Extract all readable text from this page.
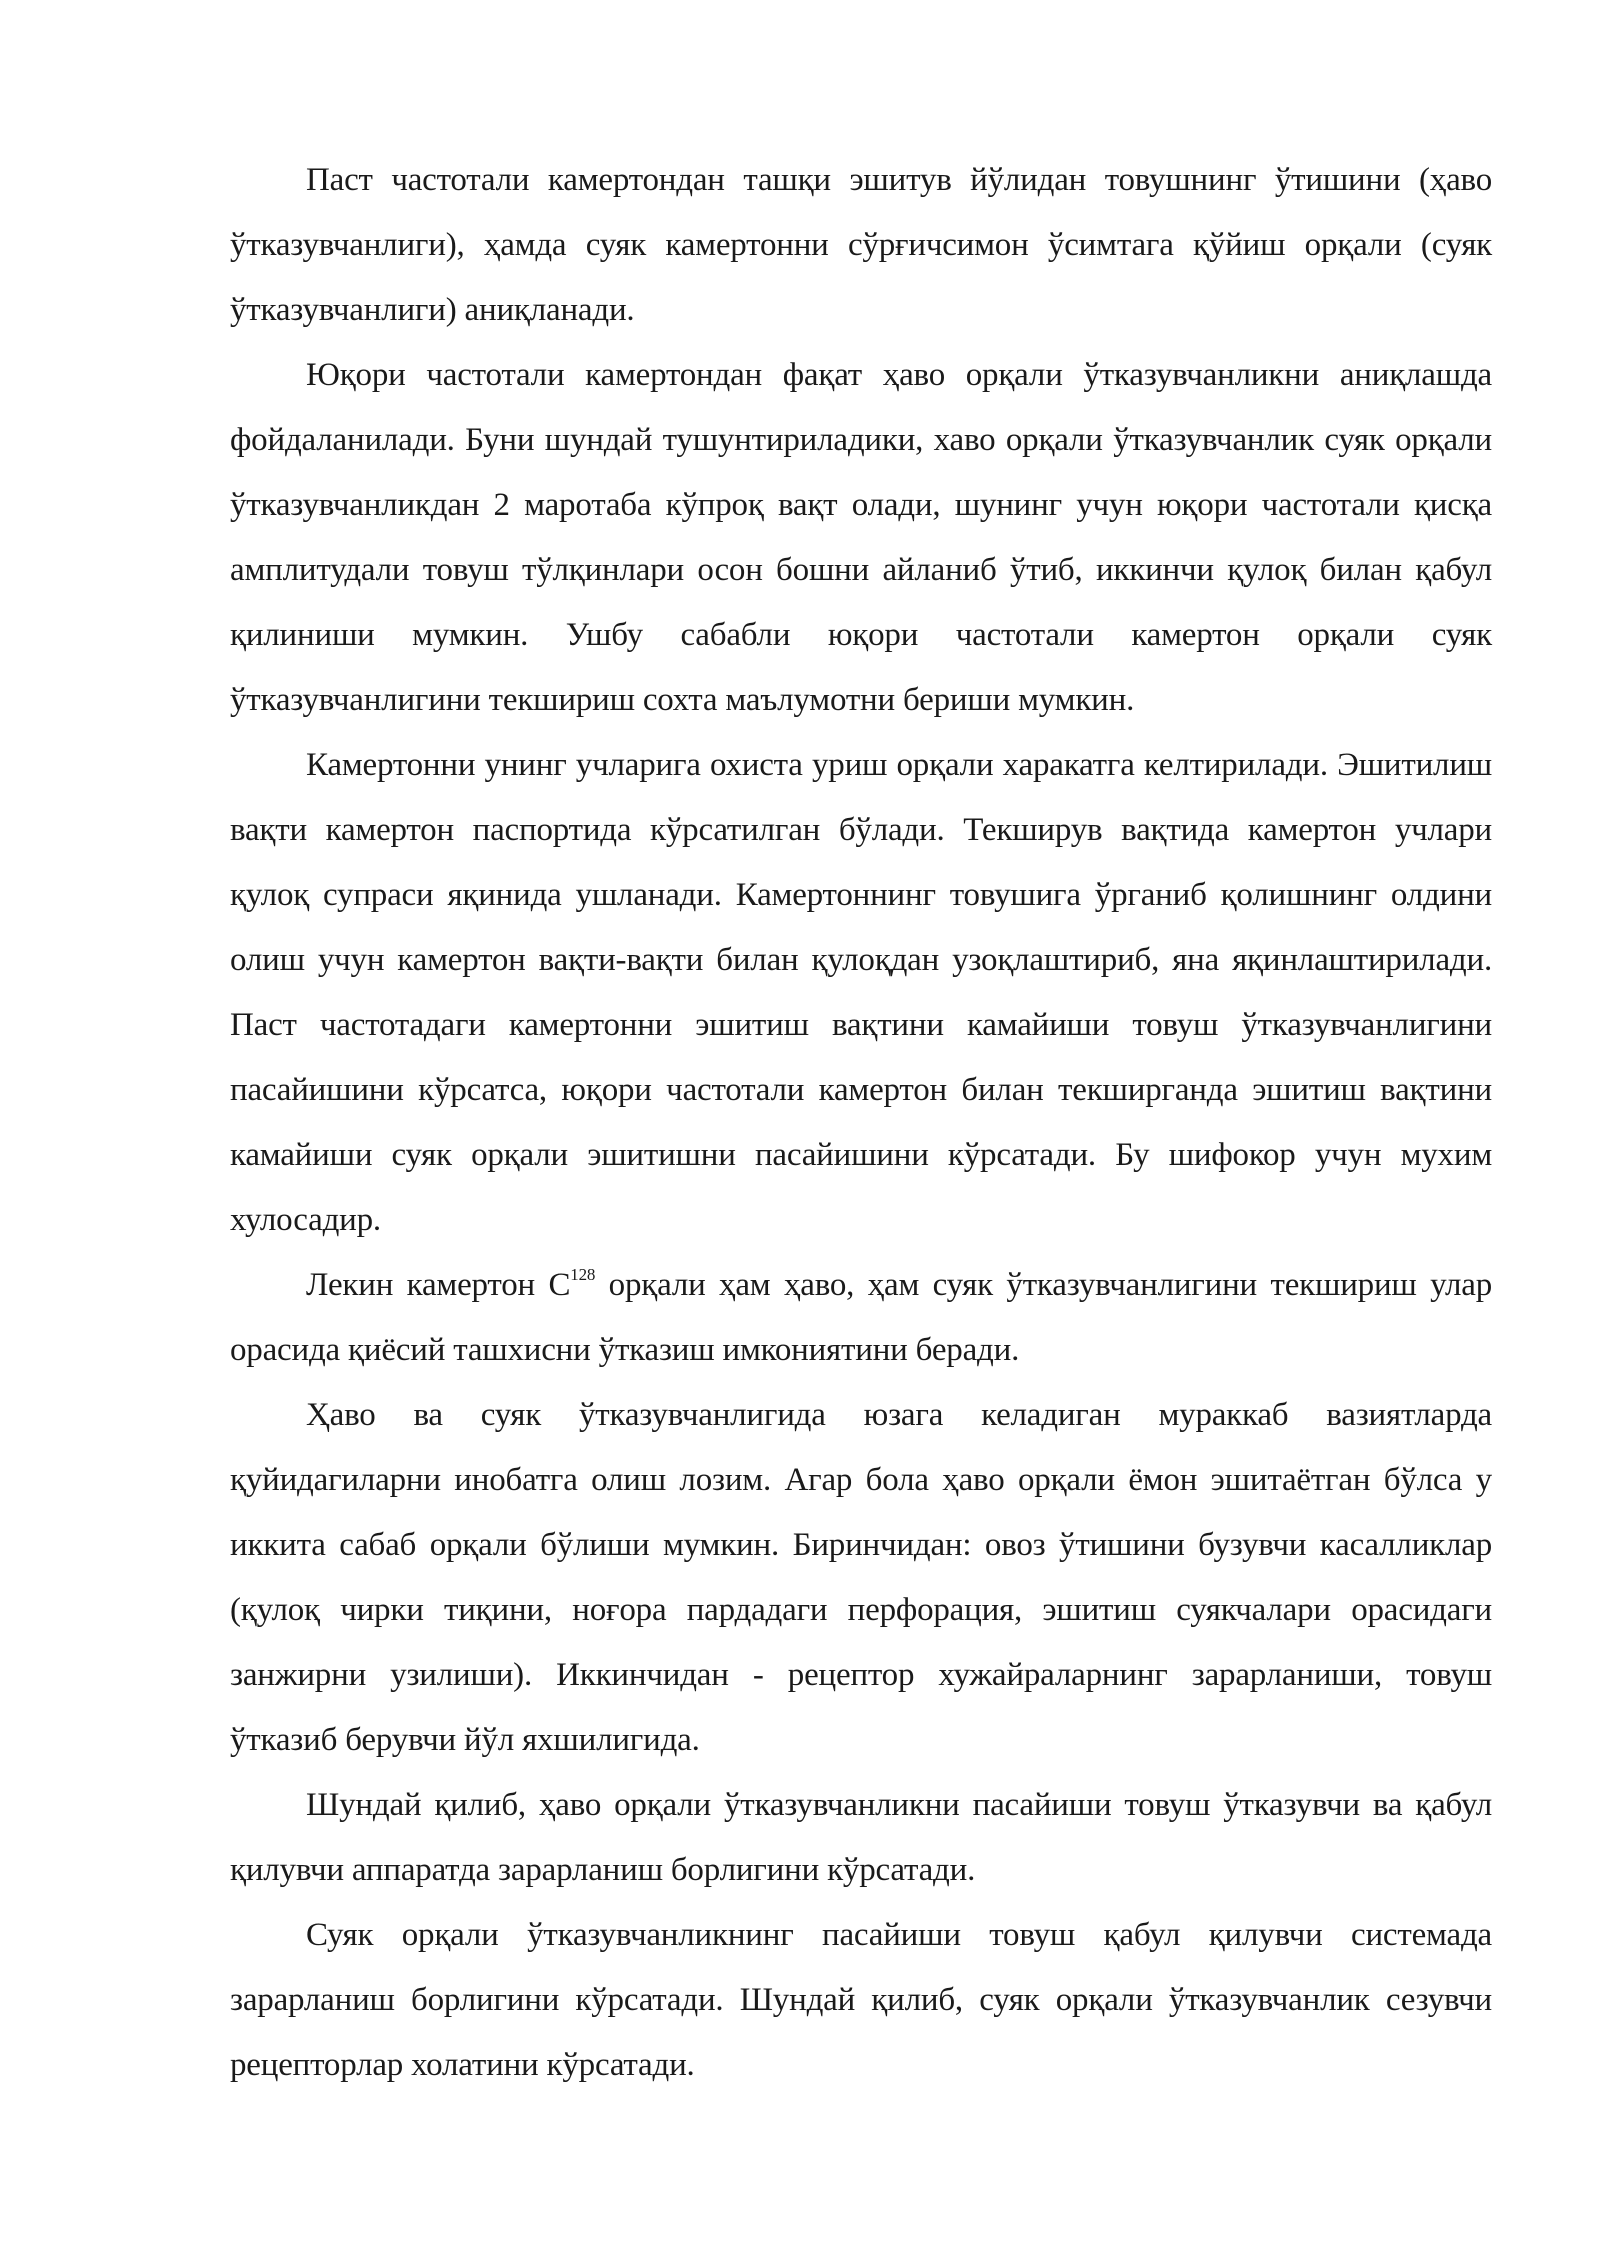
Паст частотали камертондан ташқи эшитув йўлидан товушнинг ўтишини (ҳаво ўтказувчанлиги), ҳамда суяк камертонни сўрғичсимон ўсимтага қўйиш орқали (суяк ўтказувчанлиги) аниқланади.

Юқори частотали камертондан фақат ҳаво орқали ўтказувчанликни аниқлашда фойдаланилади. Буни шундай тушунтириладики, хаво орқали ўтказувчанлик суяк орқали ўтказувчанликдан 2 маротаба кўпроқ вақт олади, шунинг учун юқори частотали қисқа амплитудали товуш тўлқинлари осон бошни айланиб ўтиб, иккинчи қулоқ билан қабул қилиниши мумкин. Ушбу сабабли юқори частотали камертон орқали суяк ўтказувчанлигини текшириш сохта маълумотни бериши мумкин.

Камертонни унинг учларига охиста уриш орқали харакатга келтирилади. Эшитилиш вақти камертон паспортида кўрсатилган бўлади. Текширув вақтида камертон учлари қулоқ супраси яқинида ушланади. Камертоннинг товушига ўрганиб қолишнинг олдини олиш учун камертон вақти-вақти билан қулоқдан узоқлаштириб, яна яқинлаштирилади. Паст частотадаги камертонни эшитиш вақтини камайиши товуш ўтказувчанлигини пасайишини кўрсатса, юқори частотали камертон билан текширганда эшитиш вақтини камайиши суяк орқали эшитишни пасайишини кўрсатади. Бу шифокор учун мухим хулосадир.

Лекин камертон $С^{128}$ орқали ҳам ҳаво, ҳам суяк ўтказувчанлигини текшириш улар орасида қиёсий ташхисни ўтказиш имкониятини беради.

Ҳаво ва суяк ўтказувчанлигида юзага келадиган мураккаб вазиятларда қуйидагиларни инобатга олиш лозим. Агар бола ҳаво орқали ёмон эшитаётган бўлса у иккита сабаб орқали бўлиши мумкин. Биринчидан: овоз ўтишини бузувчи касалликлар (қулоқ чирки тиқини, ноғора пардадаги перфорация, эшитиш суякчалари орасидаги занжирни узилиши). Иккинчидан - рецептор хужайраларнинг зарарланиши, товуш ўтказиб берувчи йўл яхшилигида.

Шундай қилиб, ҳаво орқали ўтказувчанликни пасайиши товуш ўтказувчи ва қабул қилувчи аппаратда зарарланиш борлигини кўрсатади.

Суяк орқали ўтказувчанликнинг пасайиши товуш қабул қилувчи системада зарарланиш борлигини кўрсатади. Шундай қилиб, суяк орқали ўтказувчанлик сезувчи рецепторлар холатини кўрсатади.
